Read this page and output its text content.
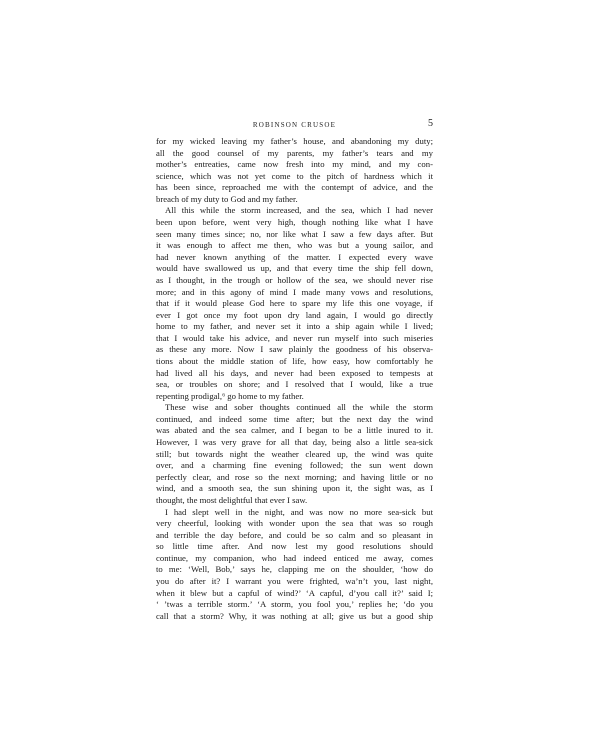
ROBINSON CRUSOE	5
for my wicked leaving my father’s house, and abandoning my duty;
all the good counsel of my parents, my father’s tears and my
mother’s entreaties, came now fresh into my mind, and my con-
science, which was not yet come to the pitch of hardness which it
has been since, reproached me with the contempt of advice, and the
breach of my duty to God and my father.
All this while the storm increased, and the sea, which I had never
been upon before, went very high, though nothing like what I have
seen many times since; no, nor like what I saw a few days after. But
it was enough to affect me then, who was but a young sailor, and
had never known anything of the matter. I expected every wave
would have swallowed us up, and that every time the ship fell down,
as I thought, in the trough or hollow of the sea, we should never rise
more; and in this agony of mind I made many vows and resolutions,
that if it would please God here to spare my life this one voyage, if
ever I got once my foot upon dry land again, I would go directly
home to my father, and never set it into a ship again while I lived;
that I would take his advice, and never run myself into such miseries
as these any more. Now I saw plainly the goodness of his observa-
tions about the middle station of life, how easy, how comfortably he
had lived all his days, and never had been exposed to tempests at
sea, or troubles on shore; and I resolved that I would, like a true
repenting prodigal,⁶ go home to my father.
These wise and sober thoughts continued all the while the storm
continued, and indeed some time after; but the next day the wind
was abated and the sea calmer, and I began to be a little inured to it.
However, I was very grave for all that day, being also a little sea-sick
still; but towards night the weather cleared up, the wind was quite
over, and a charming fine evening followed; the sun went down
perfectly clear, and rose so the next morning; and having little or no
wind, and a smooth sea, the sun shining upon it, the sight was, as I
thought, the most delightful that ever I saw.
I had slept well in the night, and was now no more sea-sick but
very cheerful, looking with wonder upon the sea that was so rough
and terrible the day before, and could be so calm and so pleasant in
so little time after. And now lest my good resolutions should
continue, my companion, who had indeed enticed me away, comes
to me: ‘Well, Bob,’ says he, clapping me on the shoulder, ‘how do
you do after it? I warrant you were frighted, wa’n’t you, last night,
when it blew but a capful of wind?’ ‘A capful, d’you call it?’ said I;
‘ ’twas a terrible storm.’ ‘A storm, you fool you,’ replies he; ‘do you
call that a storm? Why, it was nothing at all; give us but a good ship
